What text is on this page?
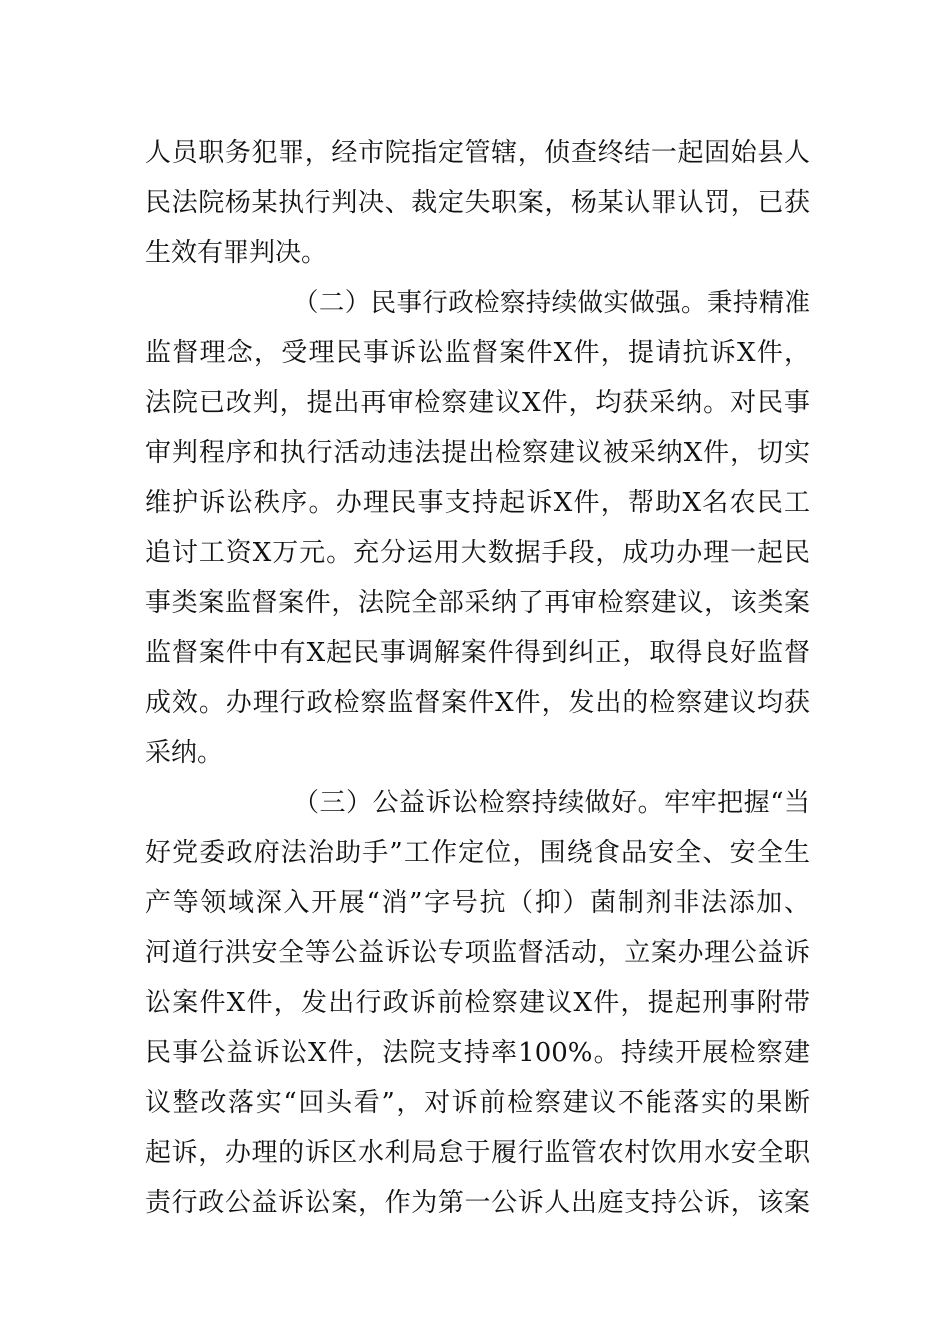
人员职务犯罪，经市院指定管辖，侦查终结一起固始县人
民法院杨某执行判决、裁定失职案，杨某认罪认罚，已获
生效有罪判决。
（二）民事行政检察持续做实做强。秉持精准
监督理念，受理民事诉讼监督案件X件，提请抗诉X件，
法院已改判，提出再审检察建议X件，均获采纳。对民事
审判程序和执行活动违法提出检察建议被采纳X件，切实
维护诉讼秩序。办理民事支持起诉X件，帮助X名农民工
追讨工资X万元。充分运用大数据手段，成功办理一起民
事类案监督案件，法院全部采纳了再审检察建议，该类案
监督案件中有X起民事调解案件得到纠正，取得良好监督
成效。办理行政检察监督案件X件，发出的检察建议均获
采纳。
（三）公益诉讼检察持续做好。牢牢把握“当
好党委政府法治助手”工作定位，围绕食品安全、安全生
产等领域深入开展“消”字号抗（抑）菌制剂非法添加、
河道行洪安全等公益诉讼专项监督活动，立案办理公益诉
讼案件X件，发出行政诉前检察建议X件，提起刑事附带
民事公益诉讼X件，法院支持率100%。持续开展检察建
议整改落实“回头看”，对诉前检察建议不能落实的果断
起诉，办理的诉区水利局怠于履行监管农村饮用水安全职
责行政公益诉讼案，作为第一公诉人出庭支持公诉，该案
